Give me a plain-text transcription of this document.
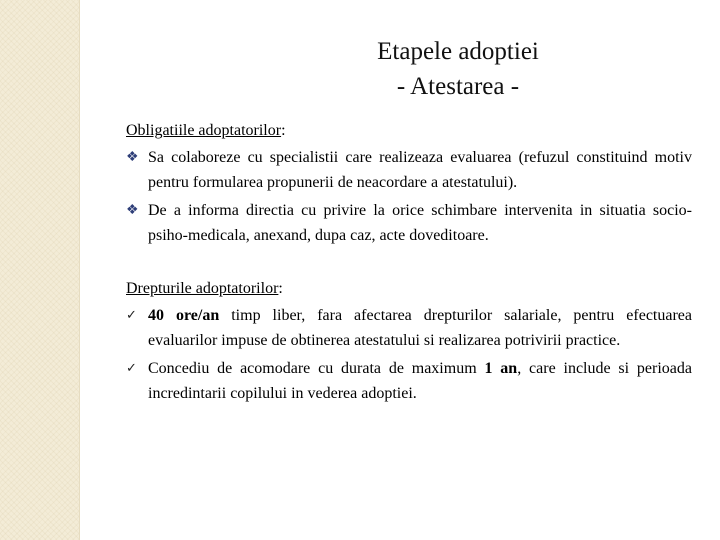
Etapele adoptiei
- Atestarea -
Obligatiile adoptatorilor:
❖ Sa colaboreze cu specialistii care realizeaza evaluarea (refuzul constituind motiv pentru formularea propunerii de neacordare a atestatului).
❖ De a informa directia cu privire la orice schimbare intervenita in situatia socio-psiho-medicala, anexand, dupa caz, acte doveditoare.
Drepturile adoptatorilor:
✓ 40 ore/an timp liber, fara afectarea drepturilor salariale, pentru efectuarea evaluarilor impuse de obtinerea atestatului si realizarea potrivirii practice.
✓ Concediu de acomodare cu durata de maximum 1 an, care include si perioada incredintarii copilului in vederea adoptiei.
